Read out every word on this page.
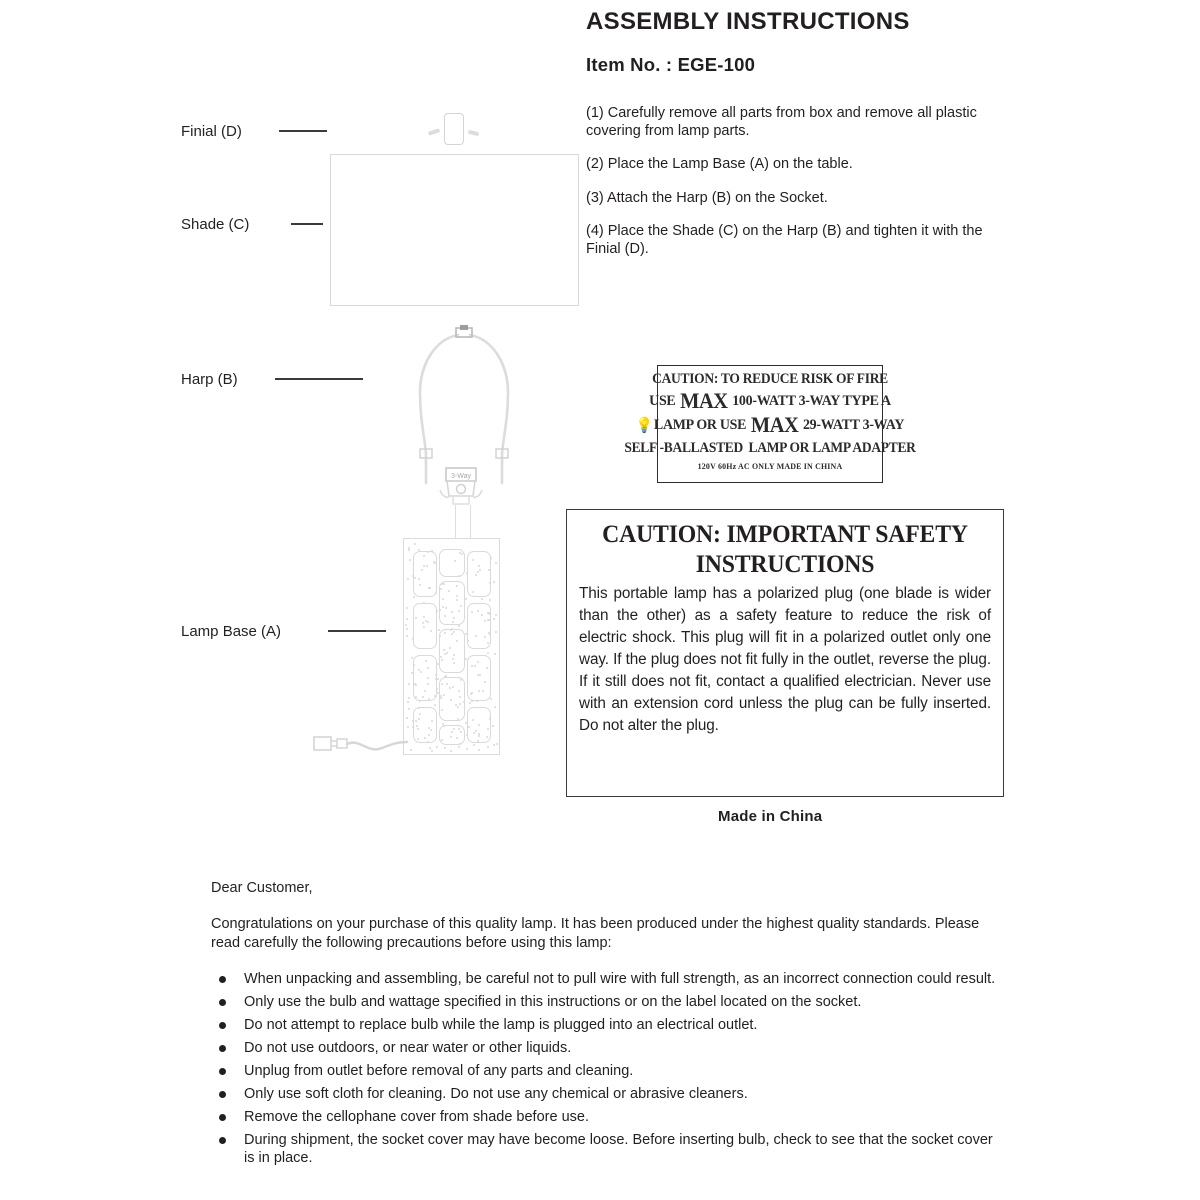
ASSEMBLY INSTRUCTIONS
Item No. : EGE-100
(1) Carefully remove all parts from box and remove all plastic covering from lamp parts.
(2) Place the Lamp Base (A) on the table.
(3) Attach the Harp (B) on the Socket.
(4) Place the Shade (C) on the Harp (B) and tighten it with the Finial (D).
Finial (D)
Shade (C)
Harp (B)
Lamp Base (A)
3-Way
CAUTION: TO REDUCE RISK OF FIRE
USE MAX 100-WATT 3-WAY TYPE A
💡 LAMP OR USE MAX 29-WATT 3-WAY
SELF -BALLASTED LAMP OR LAMP ADAPTER
120V 60Hz AC ONLY MADE IN CHINA
CAUTION: IMPORTANT SAFETY
INSTRUCTIONS
This portable lamp has a polarized plug (one blade is wider than the other) as a safety feature to reduce the risk of electric shock. This plug will fit in a polarized outlet only one way. If the plug does not fit fully in the outlet, reverse the plug. If it still does not fit, contact a qualified electrician. Never use with an extension cord unless the plug can be fully inserted. Do not alter the plug.
Made in China
Dear Customer,
Congratulations on your purchase of this quality lamp. It has been produced under the highest quality standards. Please read carefully the following precautions before using this lamp:
When unpacking and assembling, be careful not to pull wire with full strength, as an incorrect connection could result.
Only use the bulb and wattage specified in this instructions or on the label located on the socket.
Do not attempt to replace bulb while the lamp is plugged into an electrical outlet.
Do not use outdoors, or near water or other liquids.
Unplug from outlet before removal of any parts and cleaning.
Only use soft cloth for cleaning. Do not use any chemical or abrasive cleaners.
Remove the cellophane cover from shade before use.
During shipment, the socket cover may have become loose. Before inserting bulb, check to see that the socket cover is in place.
